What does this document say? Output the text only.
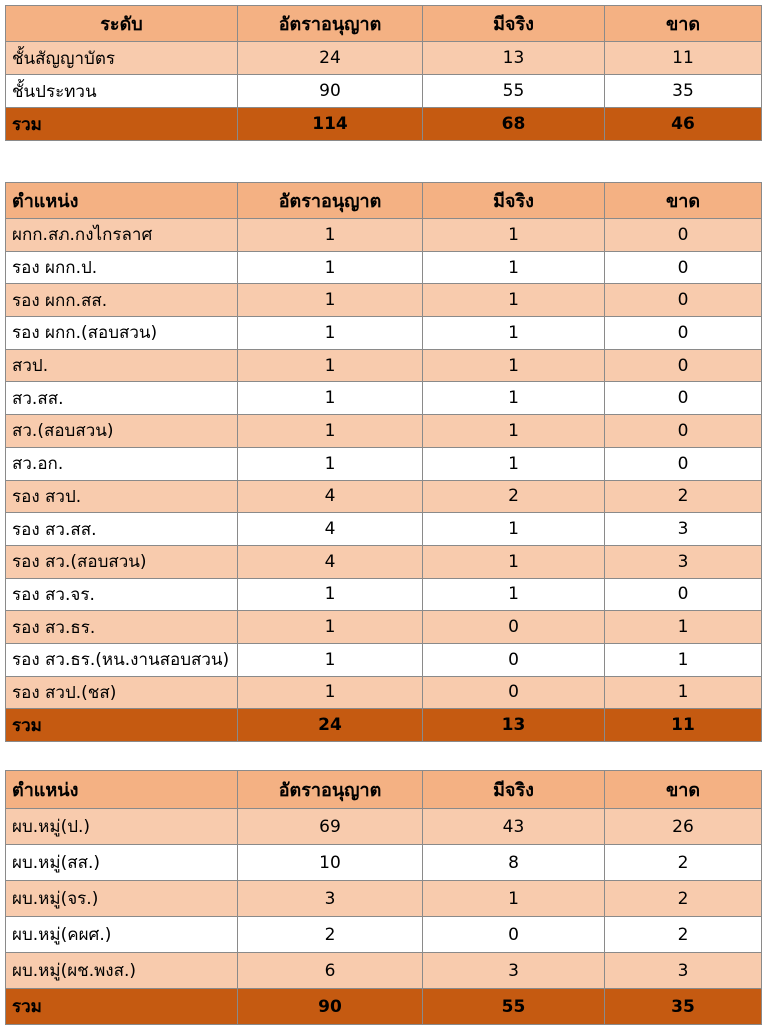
ระดับ	อัตราอนุญาต	มีจริง	ขาด
ชั้นสัญญาบัตร	24	13	11
ชั้นประทวน	90	55	35
รวม	114	68	46
ตำแหน่ง	อัตราอนุญาต	มีจริง	ขาด
ผกก.สภ.กงไกรลาศ	1	1	0
รอง ผกก.ป.	1	1	0
รอง ผกก.สส.	1	1	0
รอง ผกก.(สอบสวน)	1	1	0
สวป.	1	1	0
สว.สส.	1	1	0
สว.(สอบสวน)	1	1	0
สว.อก.	1	1	0
รอง สวป.	4	2	2
รอง สว.สส.	4	1	3
รอง สว.(สอบสวน)	4	1	3
รอง สว.จร.	1	1	0
รอง สว.ธร.	1	0	1
รอง สว.ธร.(หน.งานสอบสวน)	1	0	1
รอง สวป.(ชส)	1	0	1
รวม	24	13	11
ตำแหน่ง	อัตราอนุญาต	มีจริง	ขาด
ผบ.หมู่(ป.)	69	43	26
ผบ.หมู่(สส.)	10	8	2
ผบ.หมู่(จร.)	3	1	2
ผบ.หมู่(คผศ.)	2	0	2
ผบ.หมู่(ผช.พงส.)	6	3	3
รวม	90	55	35
